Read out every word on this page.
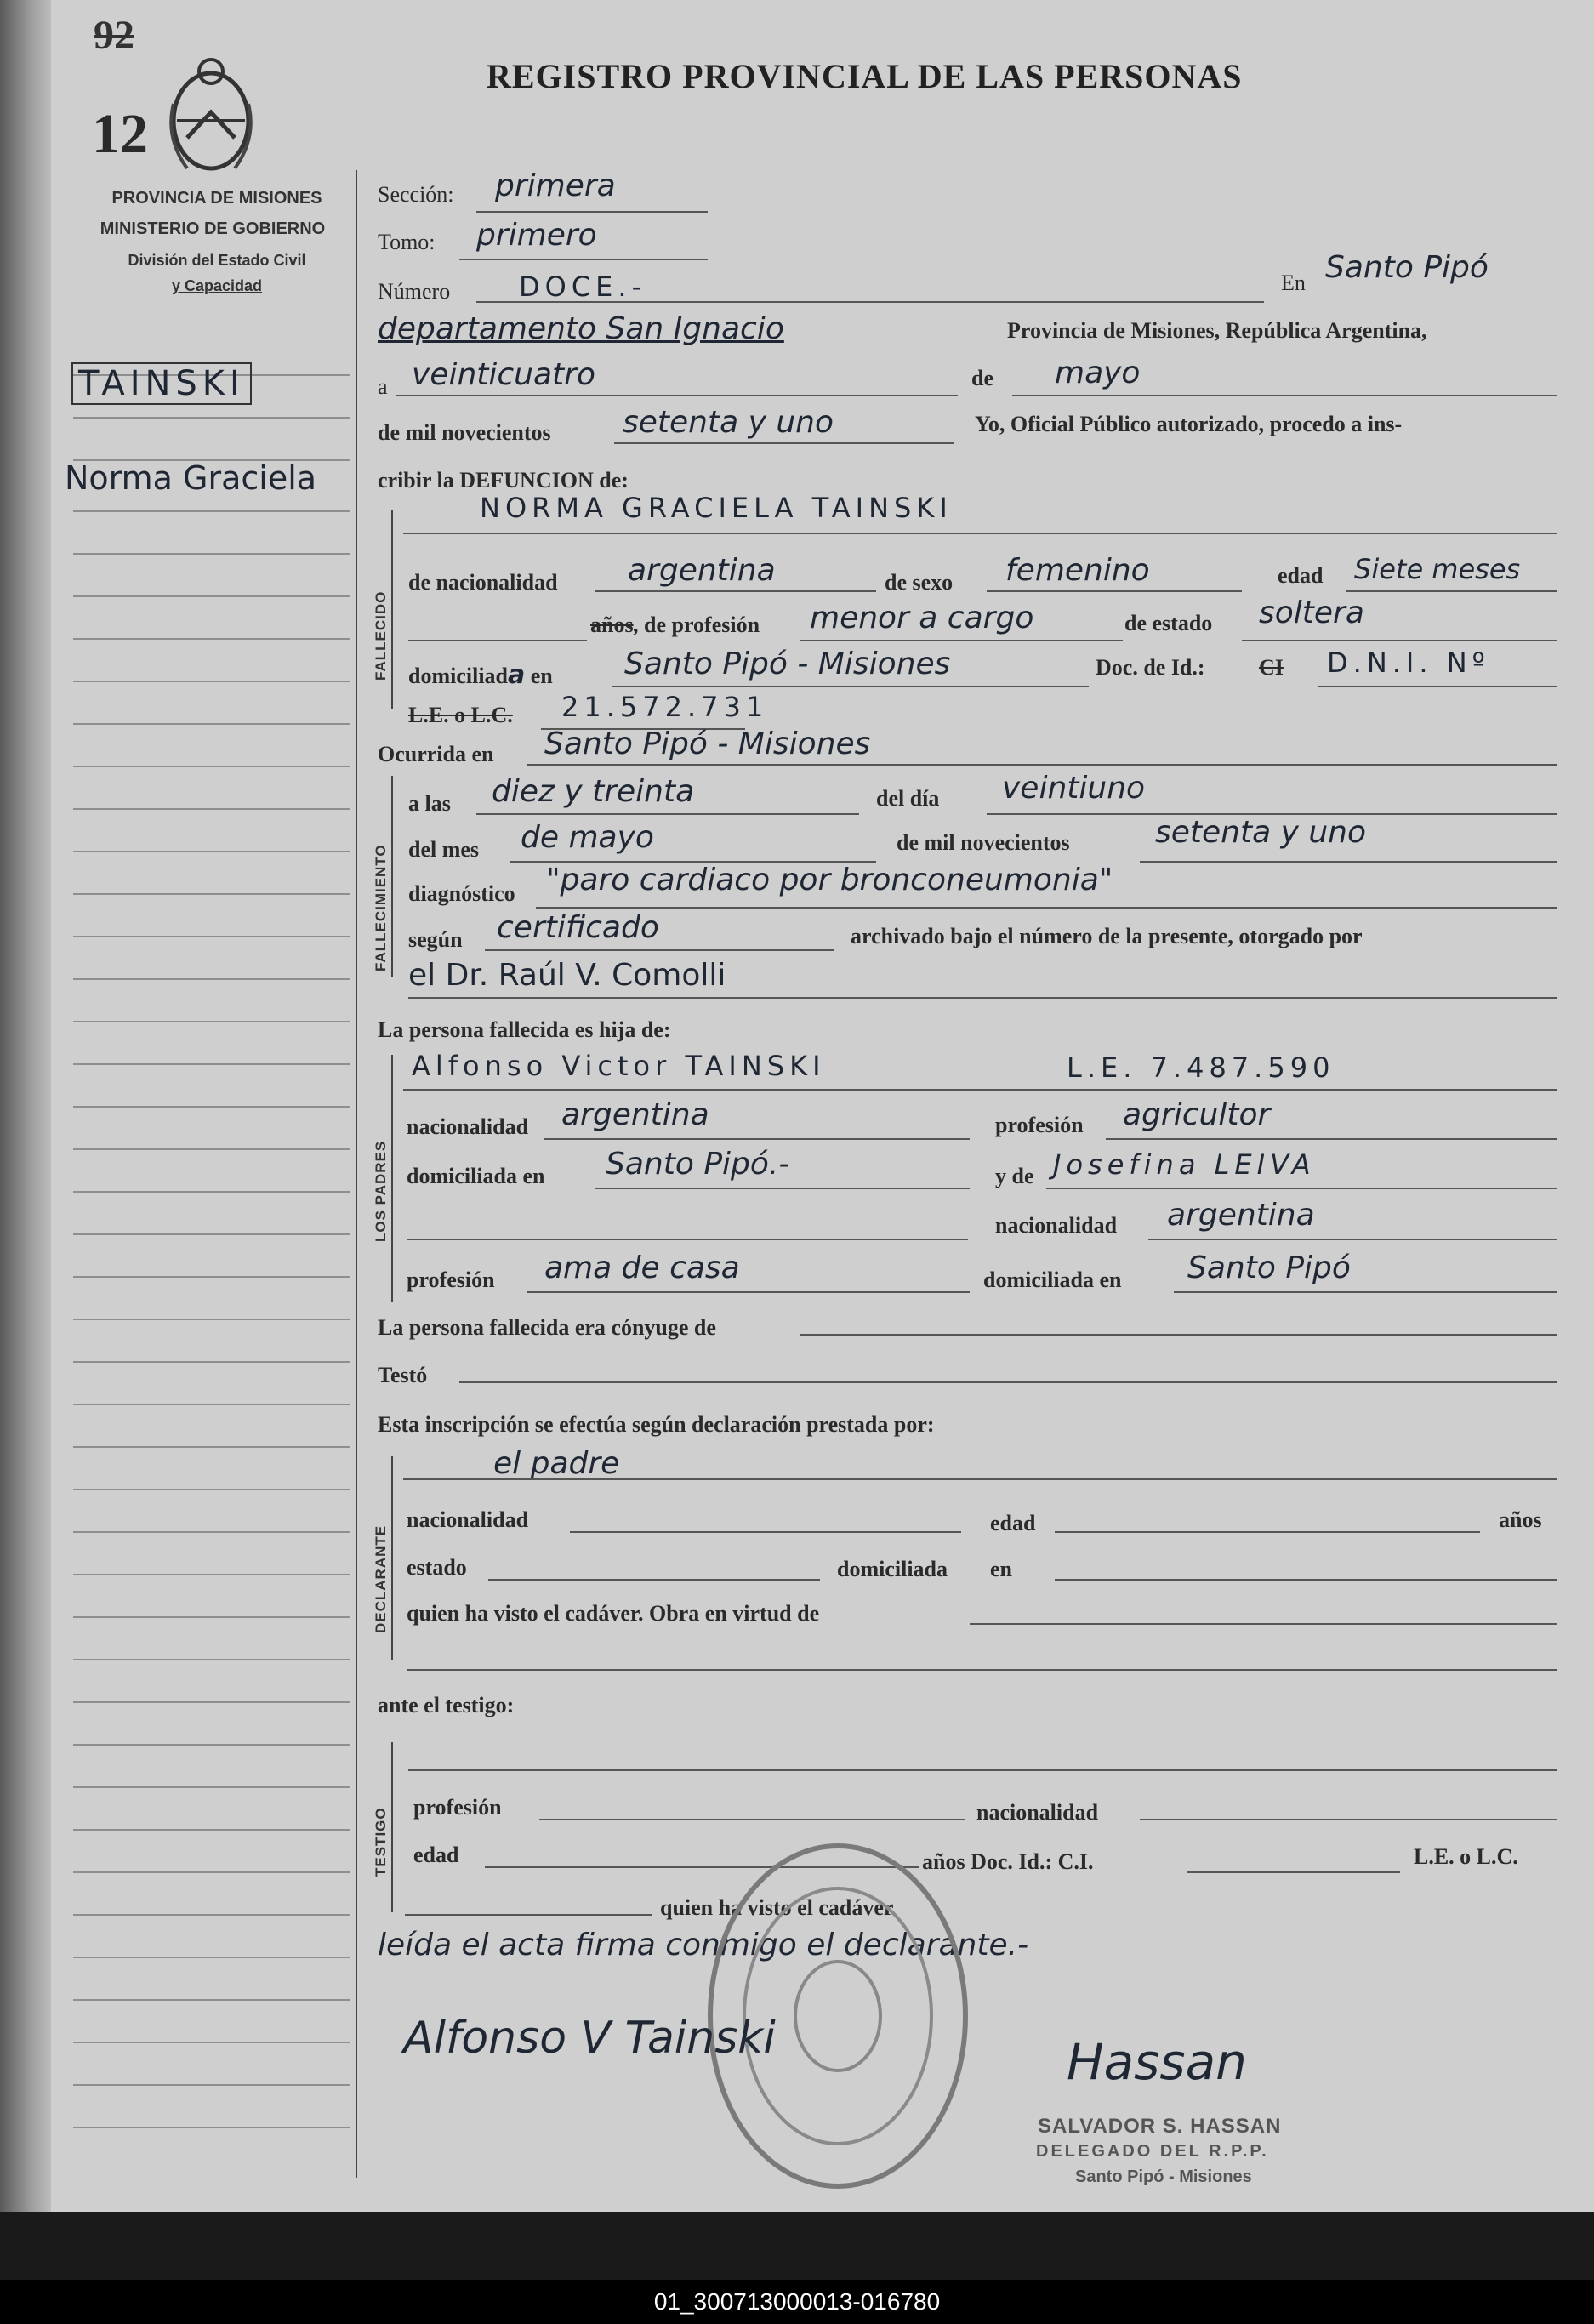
92
12
REGISTRO PROVINCIAL DE LAS PERSONAS
PROVINCIA DE MISIONES
MINISTERIO DE GOBIERNO
División del Estado Civil
y Capacidad
TAINSKI
Norma Graciela
Sección: primera
Tomo: primero
Número	DOCE.-	En Santo Pipó
departamento San Ignacio	Provincia de Misiones, República Argentina,
a veinticuatro	de mayo
de mil novecientos setenta y uno	Yo, Oficial Público autorizado, procedo a ins-
cribir la DEFUNCION de:
FALLECIDO
NORMA GRACIELA TAINSKI
de nacionalidad argentina	de sexo femenino	edad Siete meses
años , de profesión menor a cargo	de estado soltera
domiciliada en Santo Pipó - Misiones	Doc. de Id.: CI D.N.I. Nº
L.E. o L.C. 21.572.731
Ocurrida en Santo Pipó - Misiones
FALLECIMIENTO
a las diez y treinta	del día veintiuno
del mes de mayo	de mil novecientos	setenta y uno
diagnóstico "paro cardiaco por bronconeumonia"
según certificado	archivado bajo el número de la presente, otorgado por
el Dr. Raúl V. Comolli
La persona fallecida es hija de:
LOS PADRES
Alfonso Victor TAINSKI	L.E. 7.487.590
nacionalidad argentina	profesión agricultor
domiciliada en Santo Pipó.-	y de Josefina LEIVA
nacionalidad argentina
profesión ama de casa	domiciliada en Santo Pipó
La persona fallecida era cónyuge de
Testó
Esta inscripción se efectúa según declaración prestada por:
DECLARANTE
el padre
nacionalidad	edad	años
estado	domiciliada en
quien ha visto el cadáver. Obra en virtud de
ante el testigo:
TESTIGO profesión	nacionalidad
edad	años Doc. Id.: C.I.	L.E. o L.C.
quien ha visto el cadáver
leída el acta firma conmigo el declarante.-
Alfonso V Tainski	Hassan
SALVADOR S. HASSAN
DELEGADO DEL R.P.P.
Santo Pipó - Misiones
01_300713000013-016780
